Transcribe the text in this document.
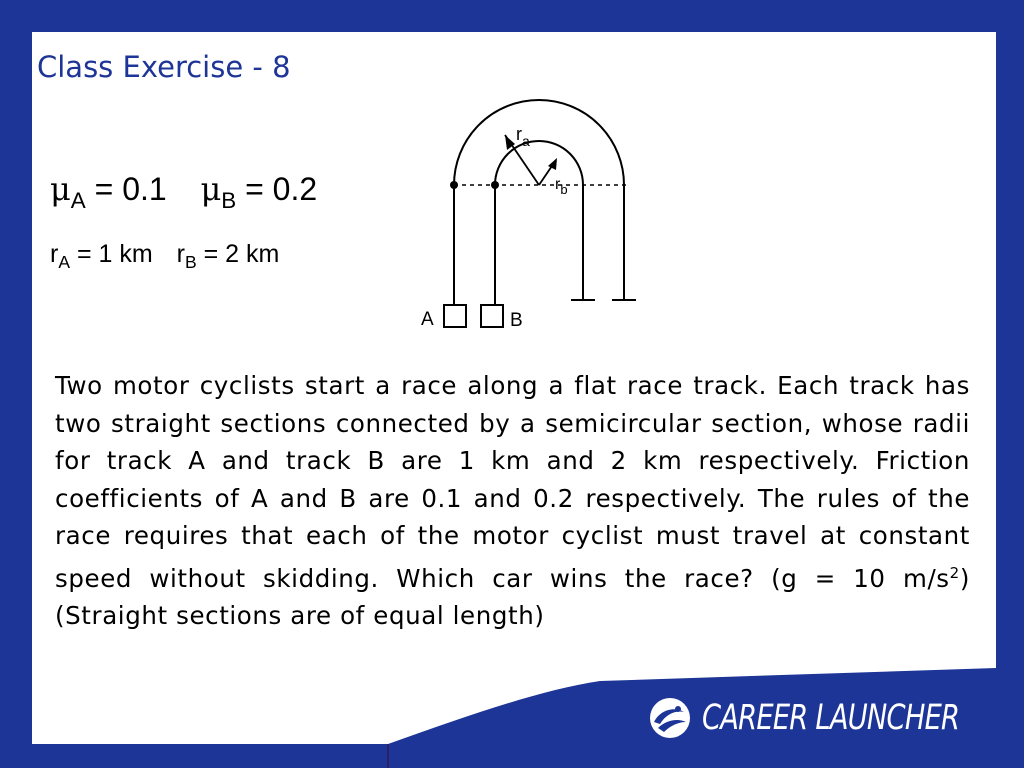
Class Exercise - 8
$\mu_A = 0.1$ $\mu_B = 0.2$
$r_A = 1$ km $r_B = 2$ km
$r_a$
$r_b$
A	B

Two motor cyclists start a race along a flat race track. Each track has two straight sections connected by a semicircular section, whose radii for track A and track B are 1 km and 2 km respectively. Friction coefficients of A and B are 0.1 and 0.2 respectively. The rules of the race requires that each of the motor cyclist must travel at constant speed without skidding. Which car wins the race? (g = 10 $m/s^2$) (Straight sections are of equal length)

CAREER LAUNCHER
